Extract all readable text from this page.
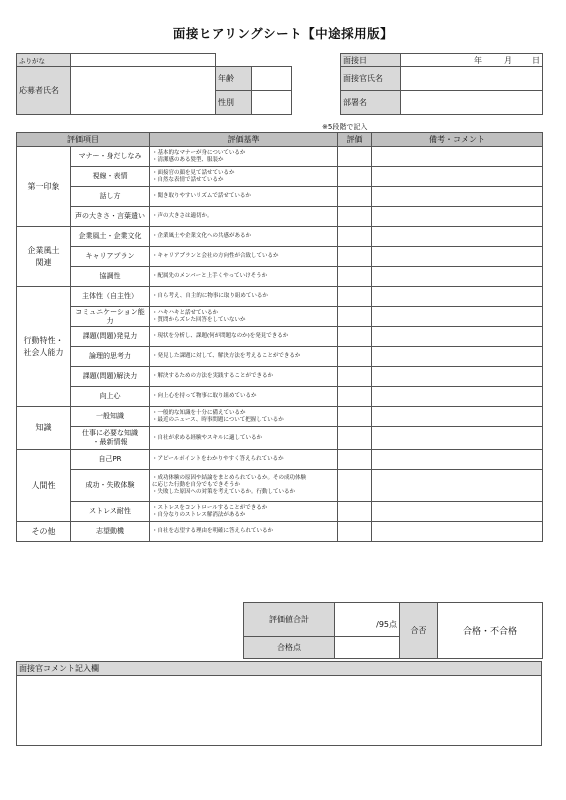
面接ヒアリングシート【中途採用版】
ふりがな				
応募者氏名		年齢		
		性別		
面接日	年 月 日
面接官氏名	
部署名	
※5段階で記入
評価項目		評価基準	評価	備考・コメント
第一印象	マナー・身だしなみ	・基本的なマナーが身についているか
・清潔感のある髪型、服装か		

	視線・表情	・面接官の顔を見て話せているか
・自然な表情で話せているか		

	話し方	・聞き取りやすいリズムで話せているか		

	声の大きさ・言葉遣い	・声の大きさは適切か。		

企業風土
関連	企業風土・企業文化	・企業風土や企業文化への共感があるか		

	キャリアプラン	・キャリアプランと会社の方向性が合致しているか		

	協調性	・配属先のメンバーと上手くやっていけそうか		

行動特性・
社会人能力	主体性（自主性）	・自ら考え、自主的に物事に取り組めているか		

	コミュニケーション能力	・ハキハキと話せているか
・質問からズレた回答をしていないか		

	課題(問題)発見力	・現状を分析し、課題(何が問題なのか)を発見できるか		

	論理的思考力	・発見した課題に対して、解決方法を考えることができるか		

	課題(問題)解決力	・解決するための方法を実践することができるか		

	向上心	・向上心を持って物事に取り組めているか		

知識	一般知識	・一般的な知識を十分に備えているか
・最近のニュース、時事問題について把握しているか		

	仕事に必要な知識
・最新情報	・自社が求める経験やスキルに適しているか		

人間性	自己PR	・アピールポイントをわかりやすく答えられているか		

	成功・失敗体験	・成功体験の原因や結論をまとめられているか。その成功体験
に応じた行動を自分でもできそうか
・失敗した原因への対策を考えているか。行動しているか		

	ストレス耐性	・ストレスをコントロールすることができるか
・自分なりのストレス解消法があるか		

その他	志望動機	・自社を志望する理由を明確に答えられているか		

評価値合計	/95点	合否	合格・不合格
合格点			
面接官コメント記入欄
